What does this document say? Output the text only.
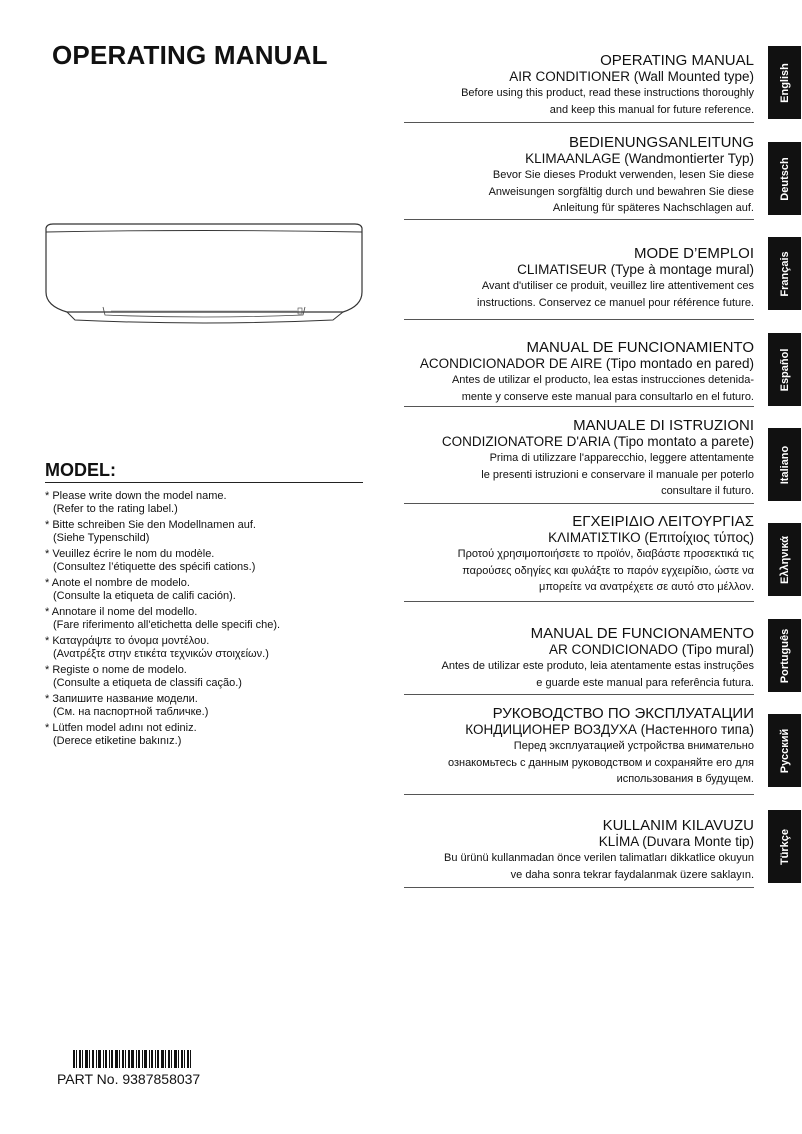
OPERATING MANUAL
MODEL:
* Please write down the model name.
(Refer to the rating label.)
* Bitte schreiben Sie den Modellnamen auf.
(Siehe Typenschild)
* Veuillez écrire le nom du modèle.
(Consultez l’étiquette des spécifi cations.)
* Anote el nombre de modelo.
(Consulte la etiqueta de califi cación).
* Annotare il nome del modello.
(Fare riferimento all'etichetta delle specifi che).
* Καταγράψτε το όνομα μοντέλου.
(Ανατρέξτε στην ετικέτα τεχνικών στοιχείων.)
* Registe o nome de modelo.
(Consulte a etiqueta de classifi cação.)
* Запишите название модели.
(См. на паспортной табличке.)
* Lütfen model adını not ediniz.
(Derece etiketine bakınız.)
OPERATING MANUAL
AIR CONDITIONER (Wall Mounted type)
Before using this product, read these instructions thoroughly
and keep this manual for future reference.
BEDIENUNGSANLEITUNG
KLIMAANLAGE (Wandmontierter Typ)
Bevor Sie dieses Produkt verwenden, lesen Sie diese
Anweisungen sorgfältig durch und bewahren Sie diese
Anleitung für späteres Nachschlagen auf.
MODE D’EMPLOI
CLIMATISEUR (Type à montage mural)
Avant d'utiliser ce produit, veuillez lire attentivement ces
instructions. Conservez ce manuel pour référence future.
MANUAL DE FUNCIONAMIENTO
ACONDICIONADOR DE AIRE (Tipo montado en pared)
Antes de utilizar el producto, lea estas instrucciones detenida-
mente y conserve este manual para consultarlo en el futuro.
MANUALE DI ISTRUZIONI
CONDIZIONATORE D'ARIA (Tipo montato a parete)
Prima di utilizzare l'apparecchio, leggere attentamente
le presenti istruzioni e conservare il manuale per poterlo
consultare il futuro.
ΕΓΧΕΙΡΙΔΙΟ ΛΕΙΤΟΥΡΓΙΑΣ
ΚΛΙΜΑΤΙΣΤΙΚΟ (Επιτοίχιος τύπος)
Προτού χρησιμοποιήσετε το προϊόν, διαβάστε προσεκτικά τις
παρούσες οδηγίες και φυλάξτε το παρόν εγχειρίδιο, ώστε να
μπορείτε να ανατρέχετε σε αυτό στο μέλλον.
MANUAL DE FUNCIONAMENTO
AR CONDICIONADO (Tipo mural)
Antes de utilizar este produto, leia atentamente estas instruções
e guarde este manual para referência futura.
РУКОВОДСТВО ПО ЭКСПЛУАТАЦИИ
КОНДИЦИОНЕР ВОЗДУХА (Настенного типа)
Перед эксплуатацией устройства внимательно
ознакомьтесь с данным руководством и сохраняйте его для
использования в будущем.
KULLANIM KILAVUZU
KLİMA (Duvara Monte tip)
Bu ürünü kullanmadan önce verilen talimatları dikkatlice okuyun
ve daha sonra tekrar faydalanmak üzere saklayın.
English
Deutsch
Français
Español
Italiano
Ελληνικά
Português
Русский
Türkçe
PART No. 9387858037
